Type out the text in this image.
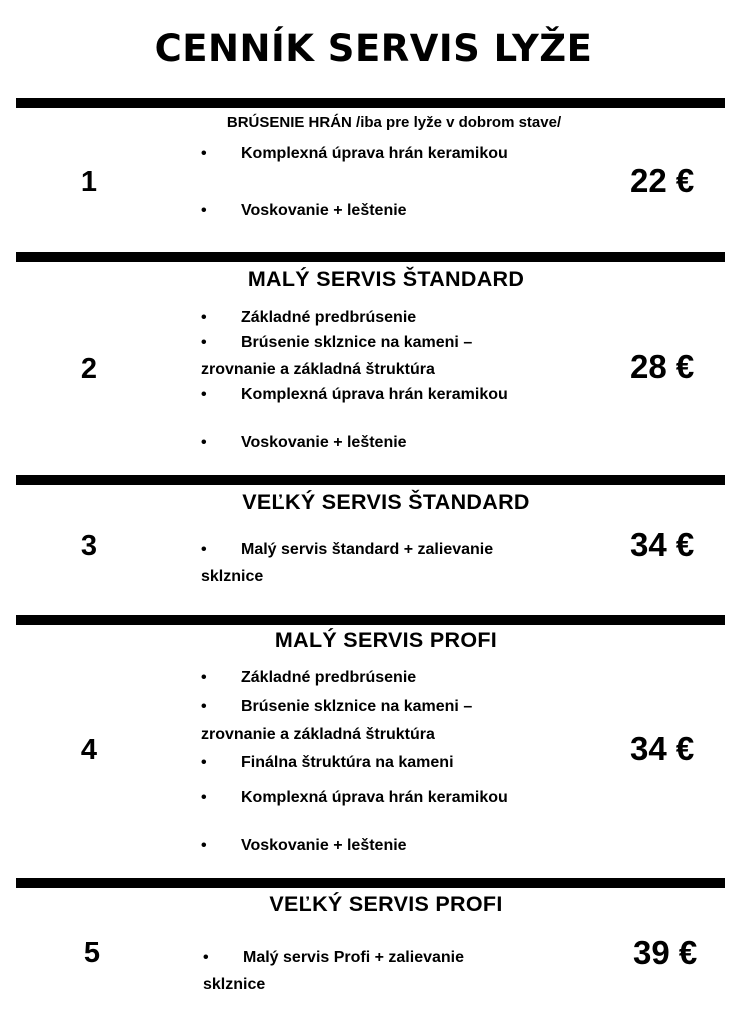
CENNÍK SERVIS LYŽE
BRÚSENIE HRÁN /iba pre lyže v dobrom stave/
1	22 €
• Komplexná úprava hrán keramikou
• Voskovanie + leštenie
MALÝ SERVIS ŠTANDARD
2	28 €
• Základné predbrúsenie
• Brúsenie sklznice na kameni –
zrovnanie a základná štruktúra
• Komplexná úprava hrán keramikou
• Voskovanie + leštenie
VEĽKÝ SERVIS ŠTANDARD
3	34 €
• Malý servis štandard + zalievanie
sklznice
MALÝ SERVIS PROFI
4	34 €
• Základné predbrúsenie
• Brúsenie sklznice na kameni –
zrovnanie a základná štruktúra
• Finálna štruktúra na kameni
• Komplexná úprava hrán keramikou
• Voskovanie + leštenie
VEĽKÝ SERVIS PROFI
5	39 €
• Malý servis Profi + zalievanie
sklznice
